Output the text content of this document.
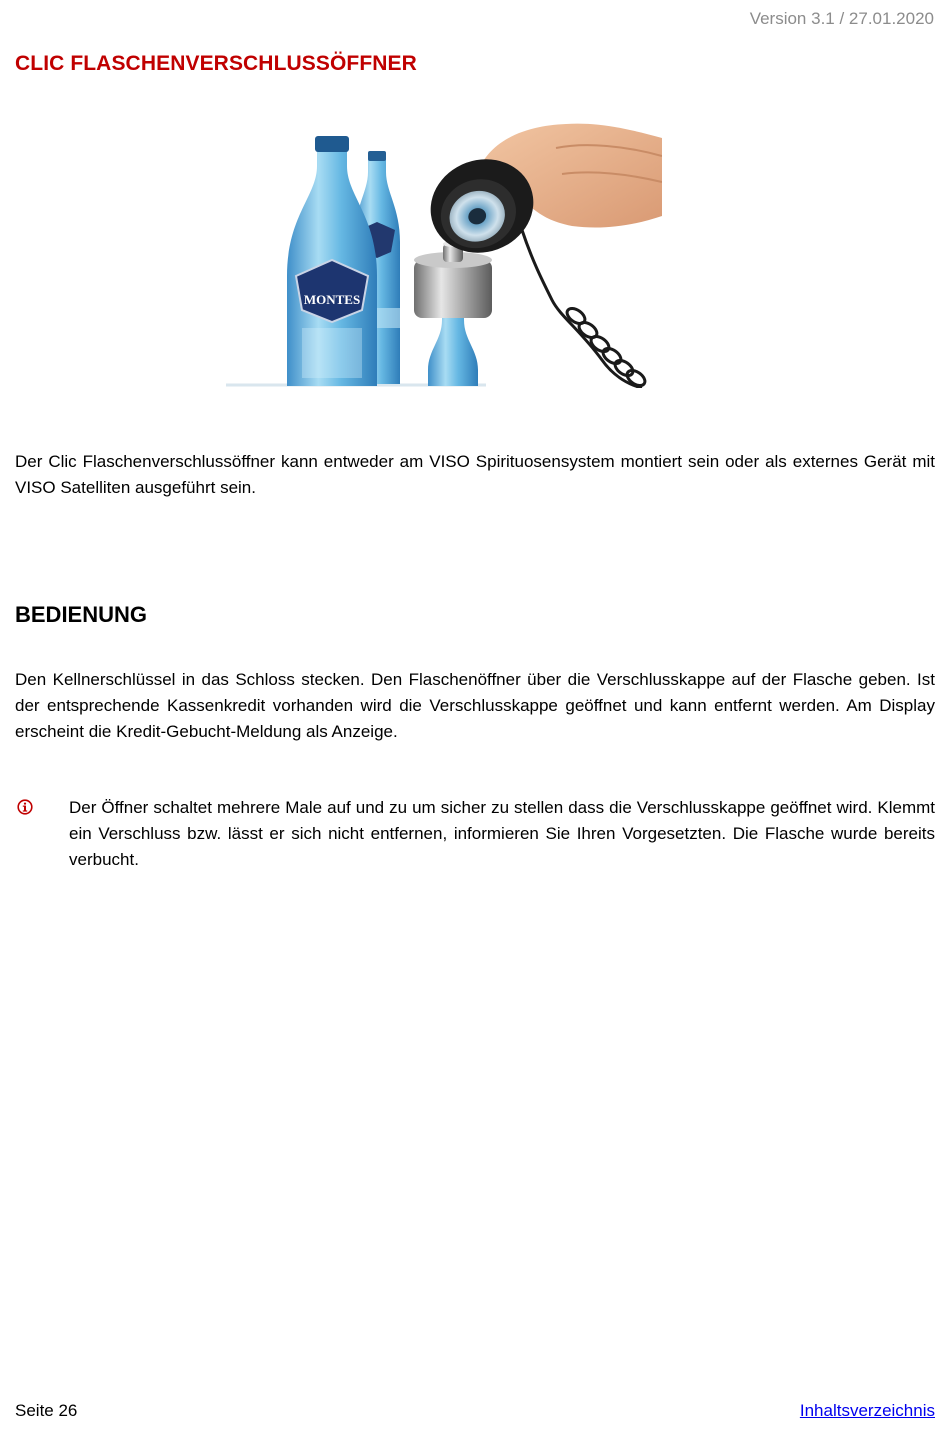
Version 3.1 / 27.01.2020
CLIC FLASCHENVERSCHLUSSÖFFNER
MONTES

Der Clic Flaschenverschlussöffner kann entweder am VISO Spirituosensystem montiert sein oder als externes Gerät mit VISO Satelliten ausgeführt sein.

BEDIENUNG

Den Kellnerschlüssel in das Schloss stecken. Den Flaschenöffner über die Verschlusskappe auf der Flasche geben. Ist der entsprechende Kassenkredit vorhanden wird die Verschlusskappe geöffnet und kann entfernt werden. Am Display erscheint die Kredit-Gebucht-Meldung als Anzeige.

Der Öffner schaltet mehrere Male auf und zu um sicher zu stellen dass die Verschlusskappe geöffnet wird. Klemmt ein Verschluss bzw. lässt er sich nicht entfernen, informieren Sie Ihren Vorgesetzten. Die Flasche wurde bereits verbucht.

Seite 26	Inhaltsverzeichnis
